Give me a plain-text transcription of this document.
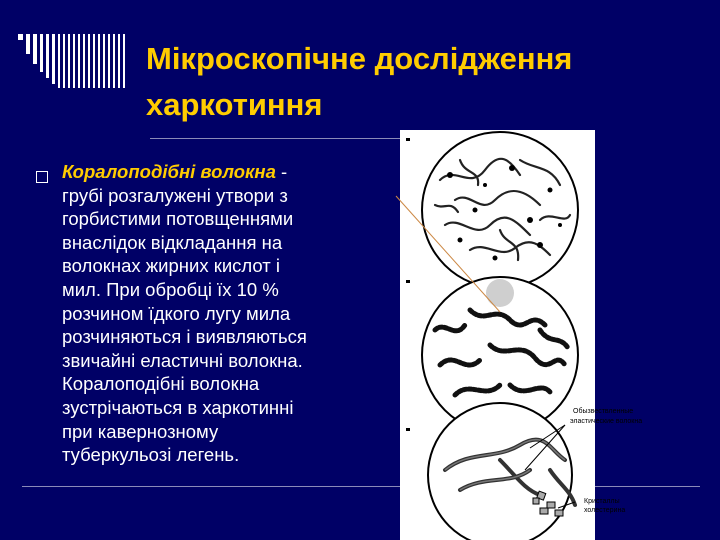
Мікроскопічне дослідження
харкотиння
Коралоподібні волокна -
грубі розгалужені утвори з
горбистими потовщеннями
внаслідок відкладання на
волокнах жирних кислот і
мил. При обробці їх 10 %
розчином їдкого лугу мила
розчиняються і виявляються
звичайні еластичні волокна.
Коралоподібні волокна
зустрічаються в харкотинні
при кавернозному
туберкульозі легень.
Обызвествленные
эластические волокна
Кристаллы
холестерина
